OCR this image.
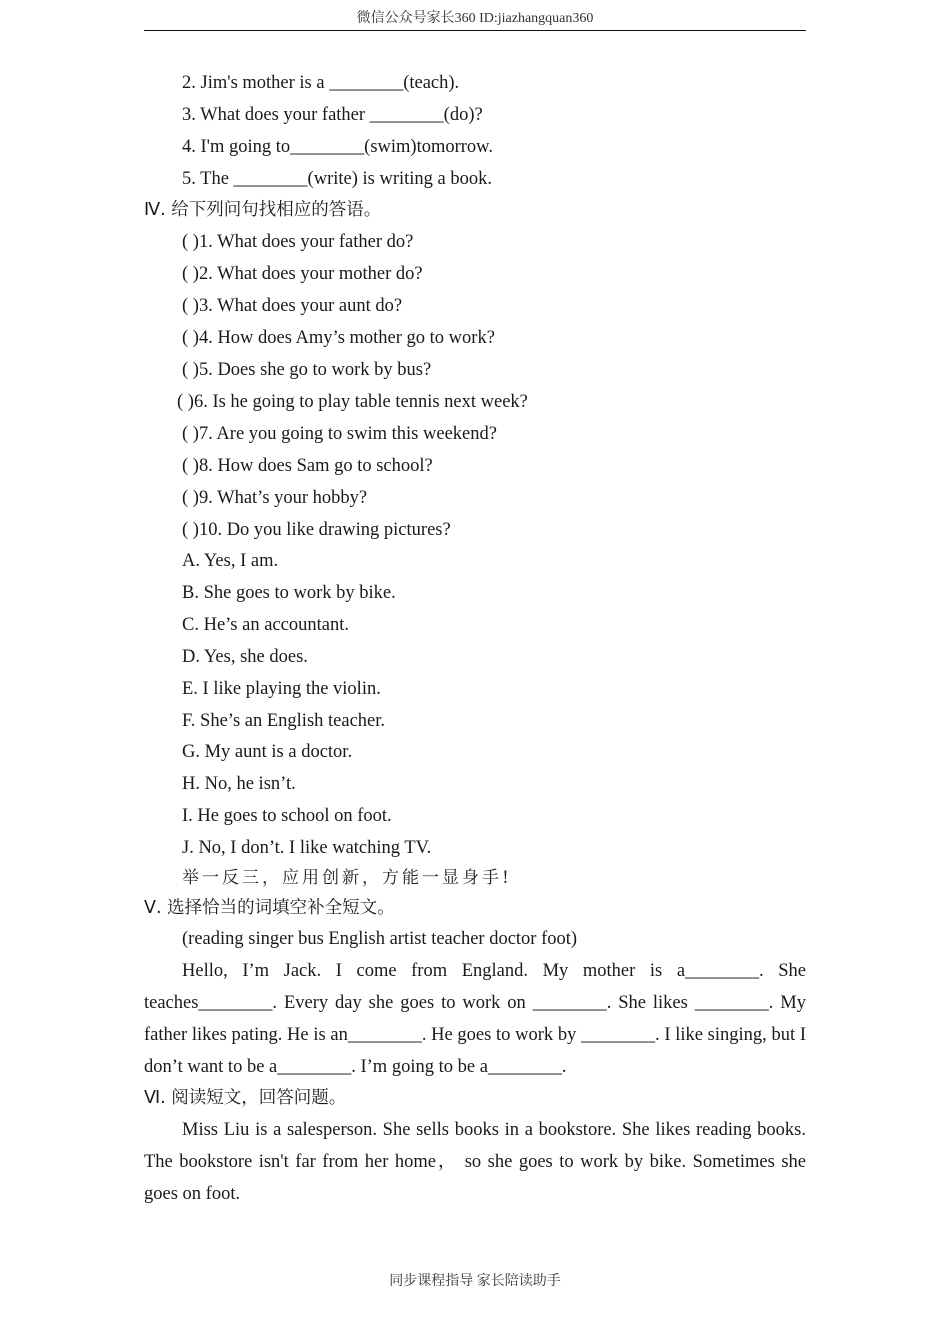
微信公众号家长360 ID:jiazhangquan360
2. Jim's mother is a ________(teach).
3. What does your father ________(do)?
4. I'm going to________(swim)tomorrow.
5. The ________(write) is writing a book.
Ⅳ. 给下列问句找相应的答语。
( )1. What does your father do?
( )2. What does your mother do?
( )3. What does your aunt do?
( )4. How does Amy’s mother go to work?
( )5. Does she go to work by bus?
( )6. Is he going to play table tennis next week?
( )7. Are you going to swim this weekend?
( )8. How does Sam go to school?
( )9. What’s your hobby?
( )10. Do you like drawing pictures?
A. Yes, I am.
B. She goes to work by bike.
C. He’s an accountant.
D. Yes, she does.
E. I like playing the violin.
F. She’s an English teacher.
G. My aunt is a doctor.
H. No, he isn’t.
I. He goes to school on foot.
J. No, I don’t. I like watching TV.
举一反三，应用创新，方能一显身手!
Ⅴ. 选择恰当的词填空补全短文。
(reading singer bus English artist teacher doctor foot)
Hello, I’m Jack. I come from England. My mother is a________. She teaches________. Every day she goes to work on ________. She likes ________. My father likes pating. He is an________. He goes to work by ________. I like singing, but I don’t want to be a________. I’m going to be a________.
Ⅵ. 阅读短文，回答问题。
Miss Liu is a salesperson. She sells books in a bookstore. She likes reading books. The bookstore isn't far from her home， so she goes to work by bike. Sometimes she goes on foot.
同步课程指导 家长陪读助手
